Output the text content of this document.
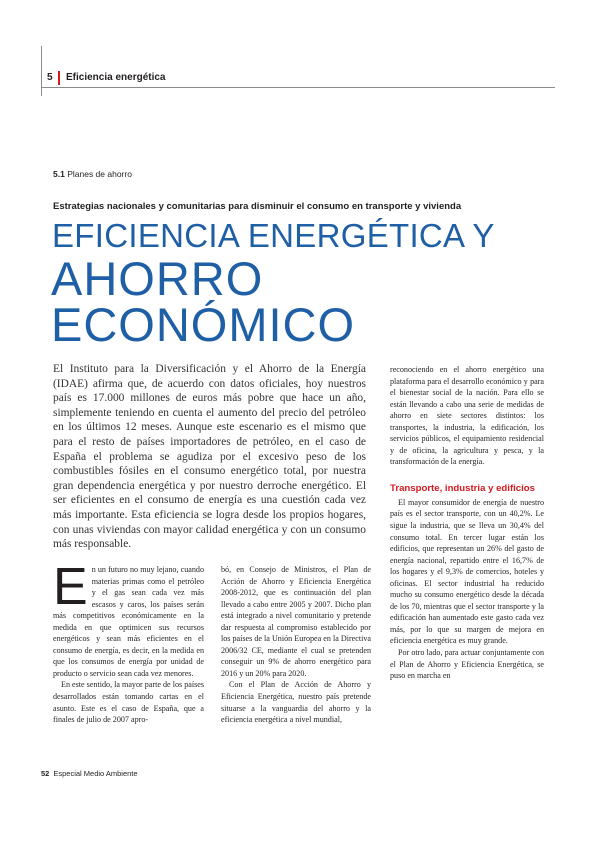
5 Eficiencia energética
5.1 Planes de ahorro
Estrategias nacionales y comunitarias para disminuir el consumo en transporte y vivienda
EFICIENCIA ENERGÉTICA Y
AHORRO
ECONÓMICO
El Instituto para la Diversificación y el Ahorro de la Energía (IDAE) afirma que, de acuerdo con datos oficiales, hoy nuestros país es 17.000 millones de euros más pobre que hace un año, simplemente teniendo en cuenta el aumento del precio del petróleo en los últimos 12 meses. Aunque este escenario es el mismo que para el resto de países importadores de petróleo, en el caso de España el problema se agudiza por el excesivo peso de los combustibles fósiles en el consumo energético total, por nuestra gran dependencia energética y por nuestro derroche energético. El ser eficientes en el consumo de energía es una cuestión cada vez más importante. Esta eficiencia se logra desde los propios hogares, con unas viviendas con mayor calidad energética y con un consumo más responsable.
E n un futuro no muy lejano, cuando materias primas como el petróleo y el gas sean cada vez más escasos y caros, los países serán más competitivos económicamente en la medida en que optimicen sus recursos energéticos y sean más eficientes en el consumo de energía, es decir, en la medida en que los consumos de energía por unidad de producto o servicio sean cada vez menores.

En este sentido, la mayor parte de los países desarrollados están tomando cartas en el asunto. Este es el caso de España, que a finales de julio de 2007 apro-

bó, en Consejo de Ministros, el Plan de Acción de Ahorro y Eficiencia Energética 2008-2012, que es continuación del plan llevado a cabo entre 2005 y 2007. Dicho plan está integrado a nivel comunitario y pretende dar respuesta al compromiso establecido por los países de la Unión Europea en la Directiva 2006/32 CE, mediante el cual se pretenden conseguir un 9% de ahorro energético para 2016 y un 20% para 2020.

Con el Plan de Acción de Ahorro y Eficiencia Energética, nuestro país pretende situarse a la vanguardia del ahorro y la eficiencia energética a nivel mundial,

reconociendo en el ahorro energético una plataforma para el desarrollo económico y para el bienestar social de la nación. Para ello se están llevando a cabo una serie de medidas de ahorro en siete sectores distintos: los transportes, la industria, la edificación, los servicios públicos, el equipamiento residencial y de oficina, la agricultura y pesca, y la transformación de la energía.

Transporte, industria y edificios

El mayor consumidor de energía de nuestro país es el sector transporte, con un 40,2%. Le sigue la industria, que se lleva un 30,4% del consumo total. En tercer lugar están los edificios, que representan un 26% del gasto de energía nacional, repartido entre el 16,7% de los hogares y el 9,3% de comercios, hoteles y oficinas. El sector industrial ha reducido mucho su consumo energético desde la década de los 70, mientras que el sector transporte y la edificación han aumentado este gasto cada vez más, por lo que su margen de mejora en eficiencia energética es muy grande.

Por otro lado, para actuar conjuntamente con el Plan de Ahorro y Eficiencia Energética, se puso en marcha en

52 Especial Medio Ambiente
